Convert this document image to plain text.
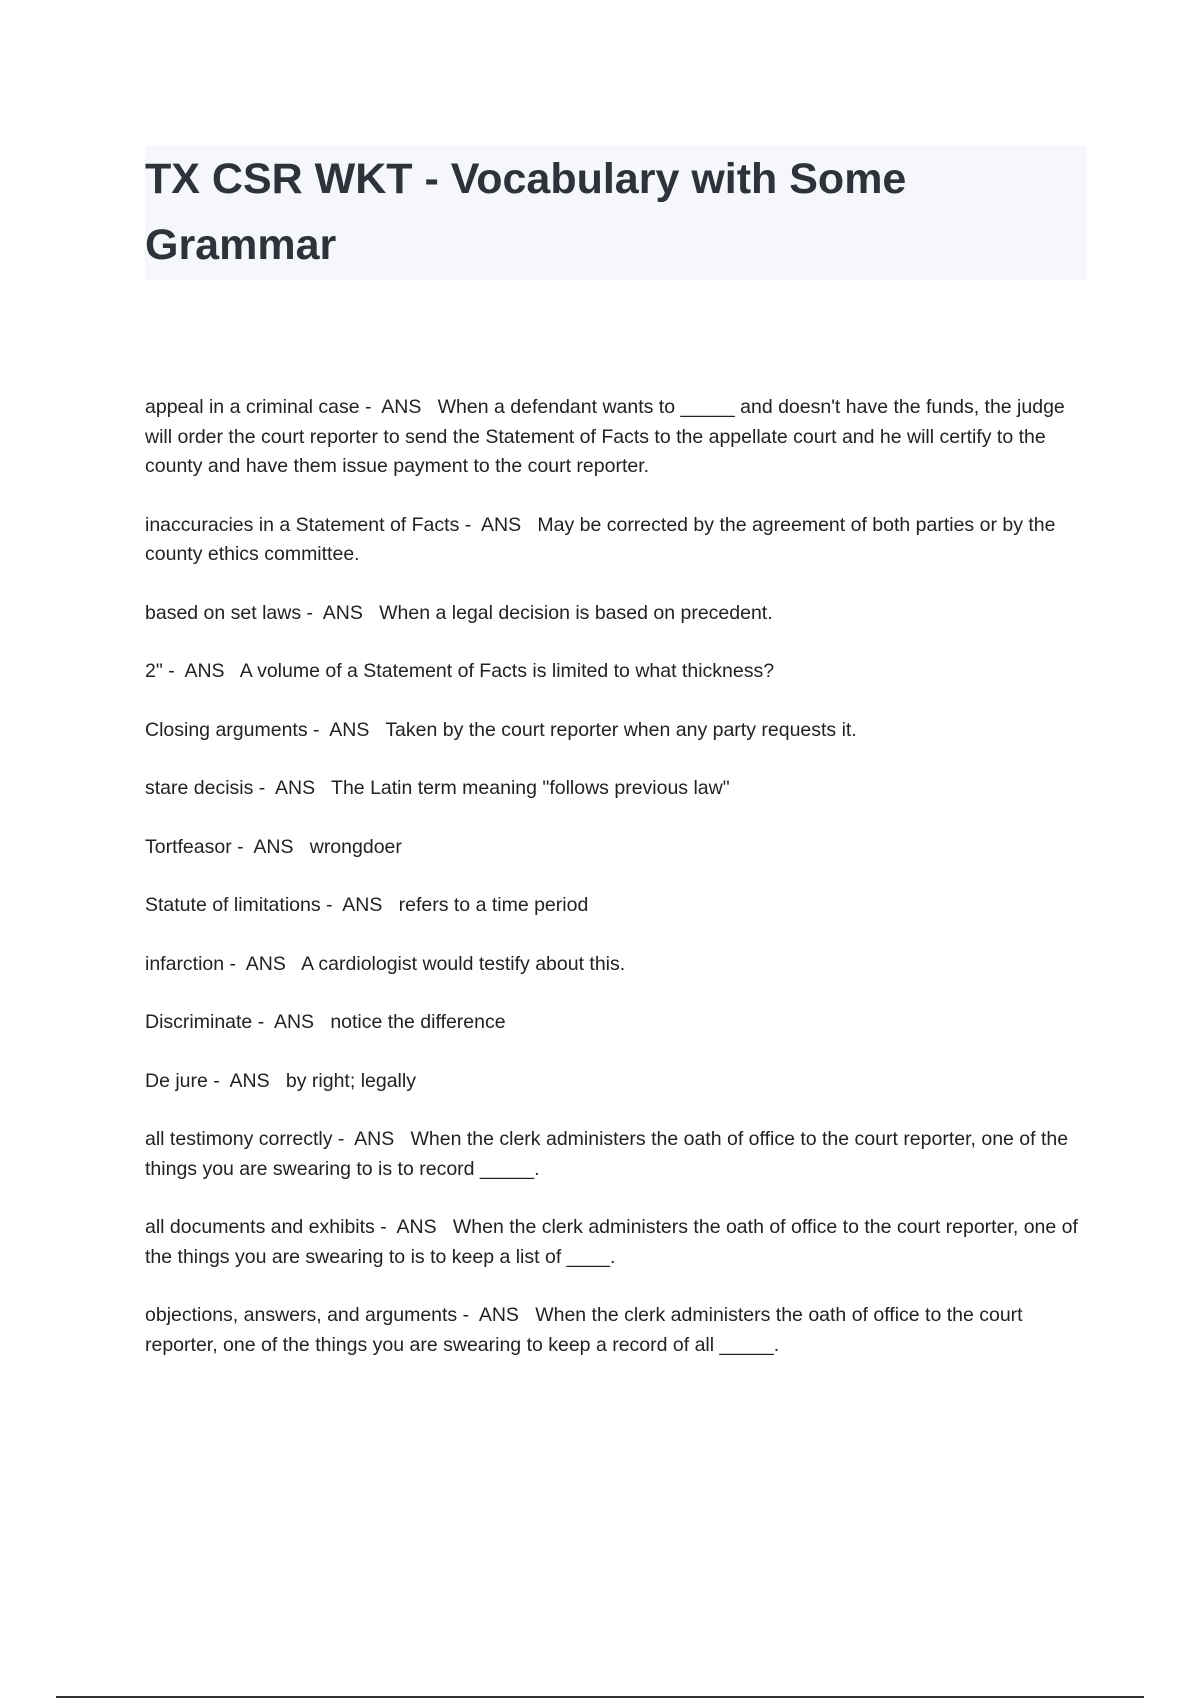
TX CSR WKT - Vocabulary with Some Grammar
appeal in a criminal case -  ANS   When a defendant wants to _____ and doesn't have the funds, the judge will order the court reporter to send the Statement of Facts to the appellate court and he will certify to the county and have them issue payment to the court reporter.
inaccuracies in a Statement of Facts -  ANS   May be corrected by the agreement of both parties or by the county ethics committee.
based on set laws -  ANS   When a legal decision is based on precedent.
2" -  ANS   A volume of a Statement of Facts is limited to what thickness?
Closing arguments -  ANS   Taken by the court reporter when any party requests it.
stare decisis -  ANS   The Latin term meaning "follows previous law"
Tortfeasor -  ANS   wrongdoer
Statute of limitations -  ANS   refers to a time period
infarction -  ANS   A cardiologist would testify about this.
Discriminate -  ANS   notice the difference
De jure -  ANS   by right; legally
all testimony correctly -  ANS   When the clerk administers the oath of office to the court reporter, one of the things you are swearing to is to record _____.
all documents and exhibits -  ANS   When the clerk administers the oath of office to the court reporter, one of the things you are swearing to is to keep a list of ____.
objections, answers, and arguments -  ANS   When the clerk administers the oath of office to the court reporter, one of the things you are swearing to keep a record of all _____.
